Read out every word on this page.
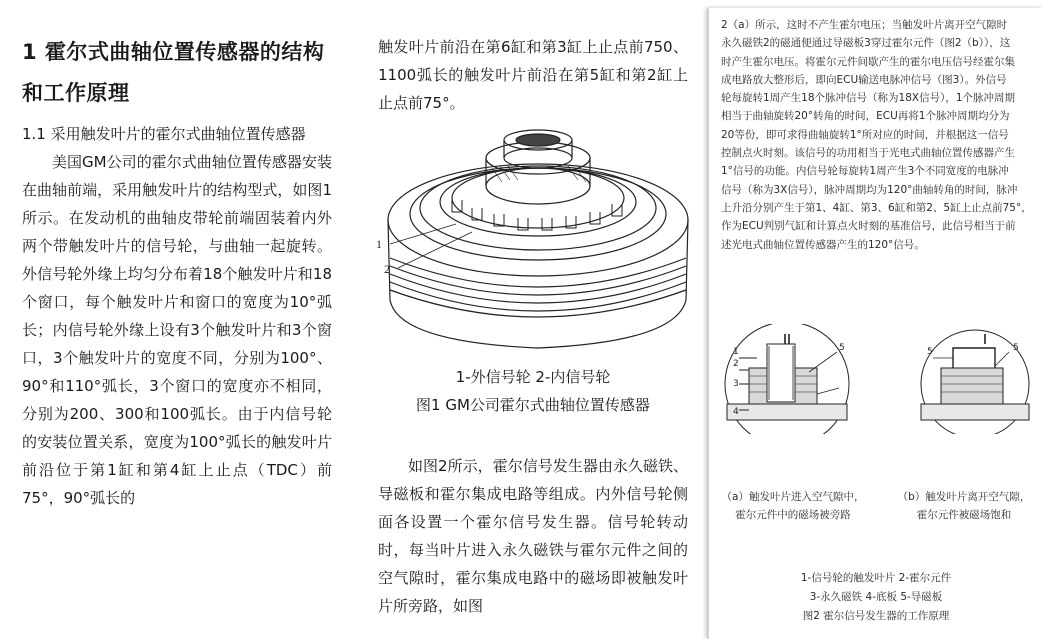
1 霍尔式曲轴位置传感器的结构和工作原理
1.1 采用触发叶片的霍尔式曲轴位置传感器
美国GM公司的霍尔式曲轴位置传感器安装在曲轴前端，采用触发叶片的结构型式，如图1所示。在发动机的曲轴皮带轮前端固装着内外两个带触发叶片的信号轮，与曲轴一起旋转。外信号轮外缘上均匀分布着18个触发叶片和18个窗口，每个触发叶片和窗口的宽度为10°弧长；内信号轮外缘上设有3个触发叶片和3个窗口，3个触发叶片的宽度不同，分别为100°、90°和110°弧长，3个窗口的宽度亦不相同，分别为200、300和100弧长。由于内信号轮的安装位置关系，宽度为100°弧长的触发叶片前沿位于第1缸和第4缸上止点（TDC）前75°，90°弧长的
触发叶片前沿在第6缸和第3缸上止点前750、1100弧长的触发叶片前沿在第5缸和第2缸上止点前75°。
1
2
1-外信号轮 2-内信号轮
图1 GM公司霍尔式曲轴位置传感器
如图2所示，霍尔信号发生器由永久磁铁、导磁板和霍尔集成电路等组成。内外信号轮侧面各设置一个霍尔信号发生器。信号轮转动时，每当叶片进入永久磁铁与霍尔元件之间的空气隙时，霍尔集成电路中的磁场即被触发叶片所旁路，如图
2（a）所示，这时不产生霍尔电压；当触发叶片离开空气隙时
永久磁铁2的磁通便通过导磁板3穿过霍尔元件（图2（b）），这
时产生霍尔电压。将霍尔元件间歇产生的霍尔电压信号经霍尔集
成电路放大整形后，即向ECU输送电脉冲信号（图3）。外信号
轮每旋转1周产生18个脉冲信号（称为18X信号），1个脉冲周期
相当于曲轴旋转20°转角的时间，ECU再将1个脉冲周期均分为
20等份，即可求得曲轴旋转1°所对应的时间，并根据这一信号
控制点火时刻。该信号的功用相当于光电式曲轴位置传感器产生
1°信号的功能。内信号轮每旋转1周产生3个不同宽度的电脉冲
信号（称为3X信号），脉冲周期均为120°曲轴转角的时间，脉冲
上升沿分别产生于第1、4缸、第3、6缸和第2、5缸上止点前75°，
作为ECU判别气缸和计算点火时刻的基准信号，此信号相当于前
述光电式曲轴位置传感器产生的120°信号。
1
2
3
4
5	5	5
（a）触发叶片进入空气隙中，
霍尔元件中的磁场被旁路
（b）触发叶片离开空气隙，
霍尔元件被磁场饱和
1-信号轮的触发叶片 2-霍尔元件
3-永久磁铁 4-底板 5-导磁板
图2 霍尔信号发生器的工作原理
